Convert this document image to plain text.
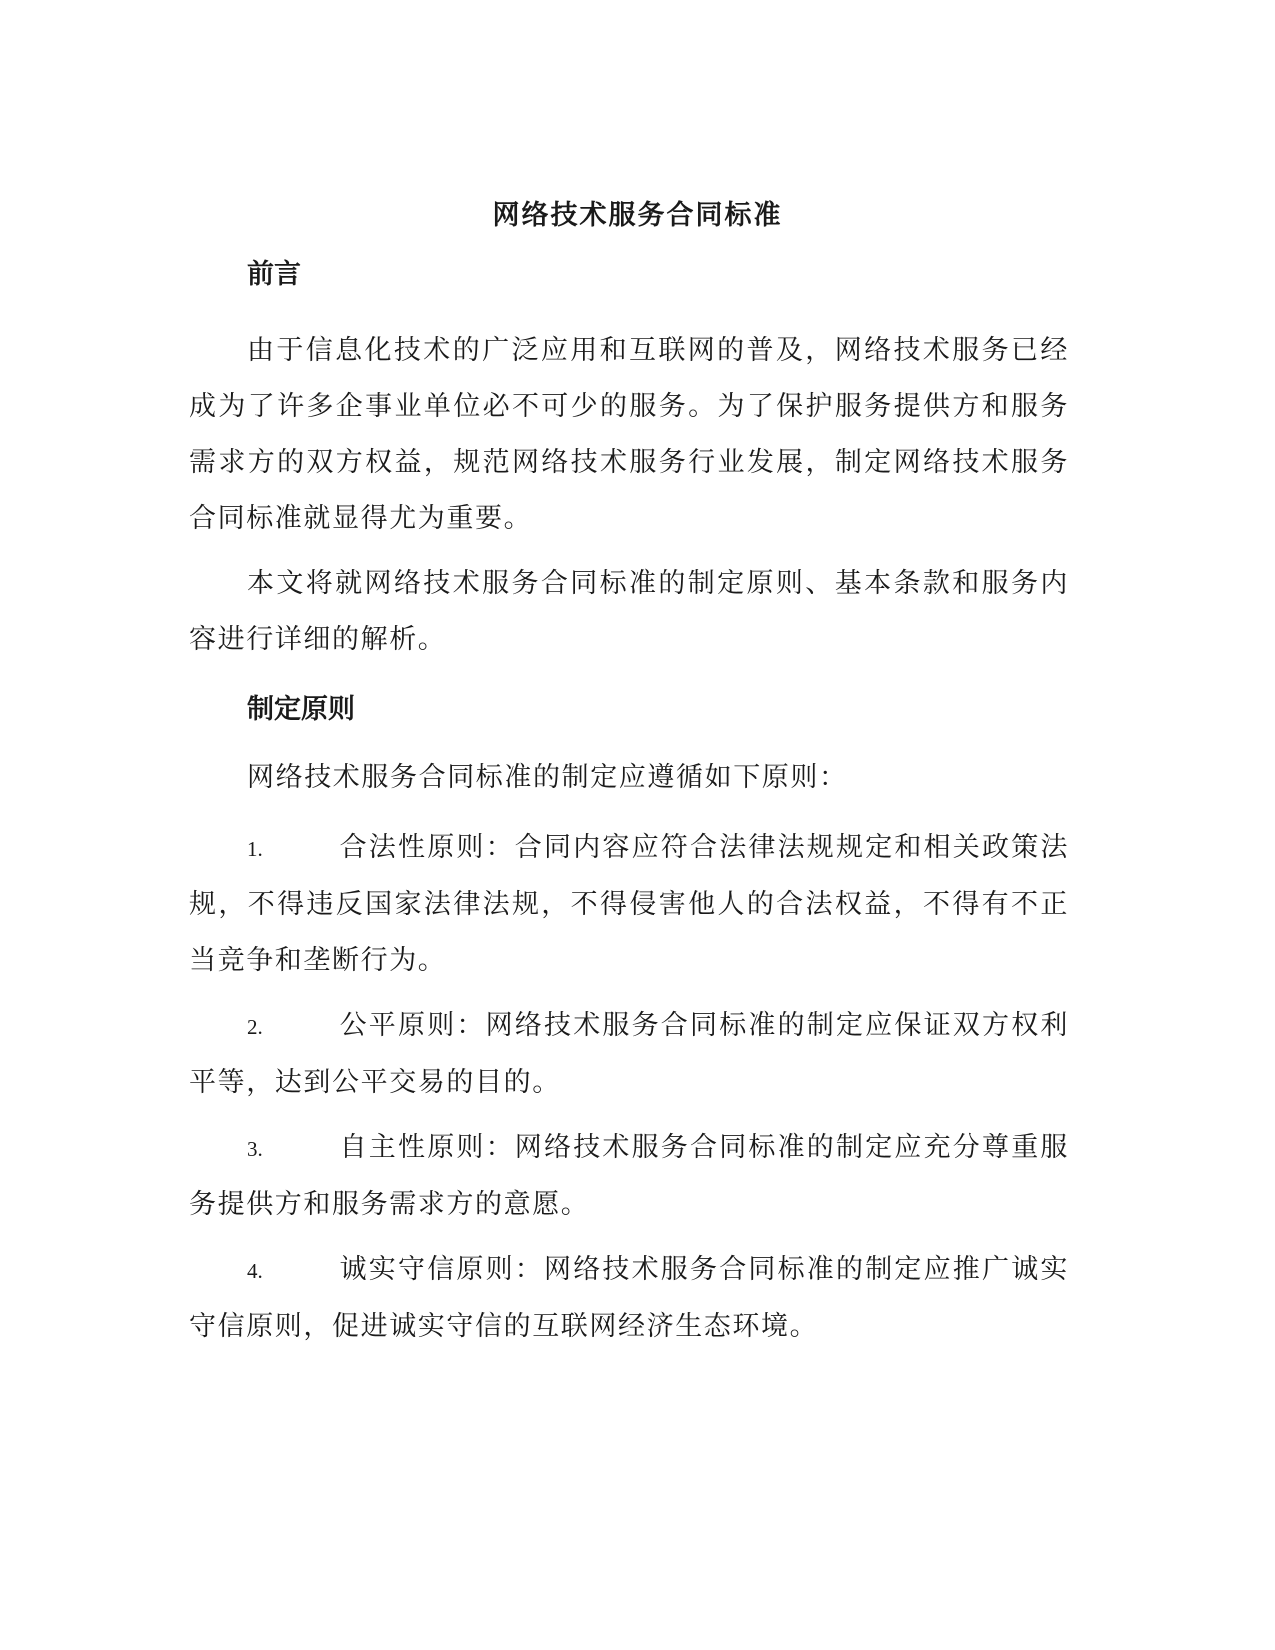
网络技术服务合同标准
前言

由于信息化技术的广泛应用和互联网的普及，网络技术服务已经成为了许多企事业单位必不可少的服务。为了保护服务提供方和服务需求方的双方权益，规范网络技术服务行业发展，制定网络技术服务合同标准就显得尤为重要。

本文将就网络技术服务合同标准的制定原则、基本条款和服务内容进行详细的解析。

制定原则

网络技术服务合同标准的制定应遵循如下原则：

1.	合法性原则：合同内容应符合法律法规规定和相关政策法规，不得违反国家法律法规，不得侵害他人的合法权益，不得有不正当竞争和垄断行为。

2.	公平原则：网络技术服务合同标准的制定应保证双方权利平等，达到公平交易的目的。

3.	自主性原则：网络技术服务合同标准的制定应充分尊重服务提供方和服务需求方的意愿。

4.	诚实守信原则：网络技术服务合同标准的制定应推广诚实守信原则，促进诚实守信的互联网经济生态环境。
